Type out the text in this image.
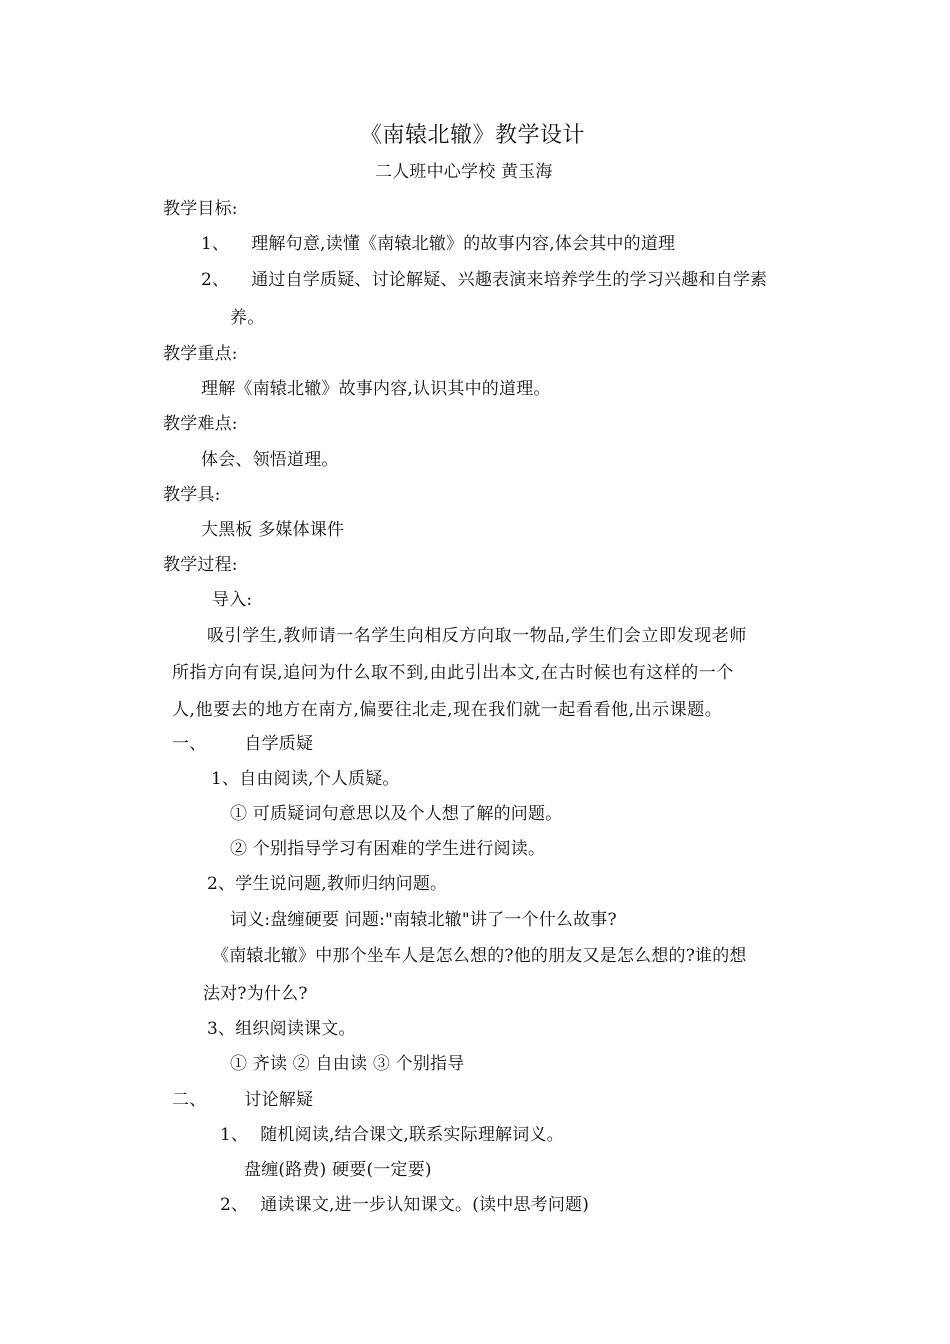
《南辕北辙》教学设计
二人班中心学校 黄玉海
教学目标:
1、 理解句意,读懂《南辕北辙》的故事内容,体会其中的道理
2、 通过自学质疑、讨论解疑、兴趣表演来培养学生的学习兴趣和自学素
养。
教学重点:
理解《南辕北辙》故事内容,认识其中的道理。
教学难点:
体会、领悟道理。
教学具:
大黑板 多媒体课件
教学过程:
导入:
吸引学生,教师请一名学生向相反方向取一物品,学生们会立即发现老师
所指方向有误,追问为什么取不到,由此引出本文,在古时候也有这样的一个
人,他要去的地方在南方,偏要往北走,现在我们就一起看看他,出示课题。
一、 自学质疑
1、自由阅读,个人质疑。
① 可质疑词句意思以及个人想了解的问题。
② 个别指导学习有困难的学生进行阅读。
2、学生说问题,教师归纳问题。
词义:盘缠硬要 问题:"南辕北辙"讲了一个什么故事?
《南辕北辙》中那个坐车人是怎么想的?他的朋友又是怎么想的?谁的想
法对?为什么?
3、组织阅读课文。
① 齐读 ② 自由读 ③ 个别指导
二、 讨论解疑
1、 随机阅读,结合课文,联系实际理解词义。
盘缠(路费) 硬要(一定要)
2、 通读课文,进一步认知课文。(读中思考问题)
